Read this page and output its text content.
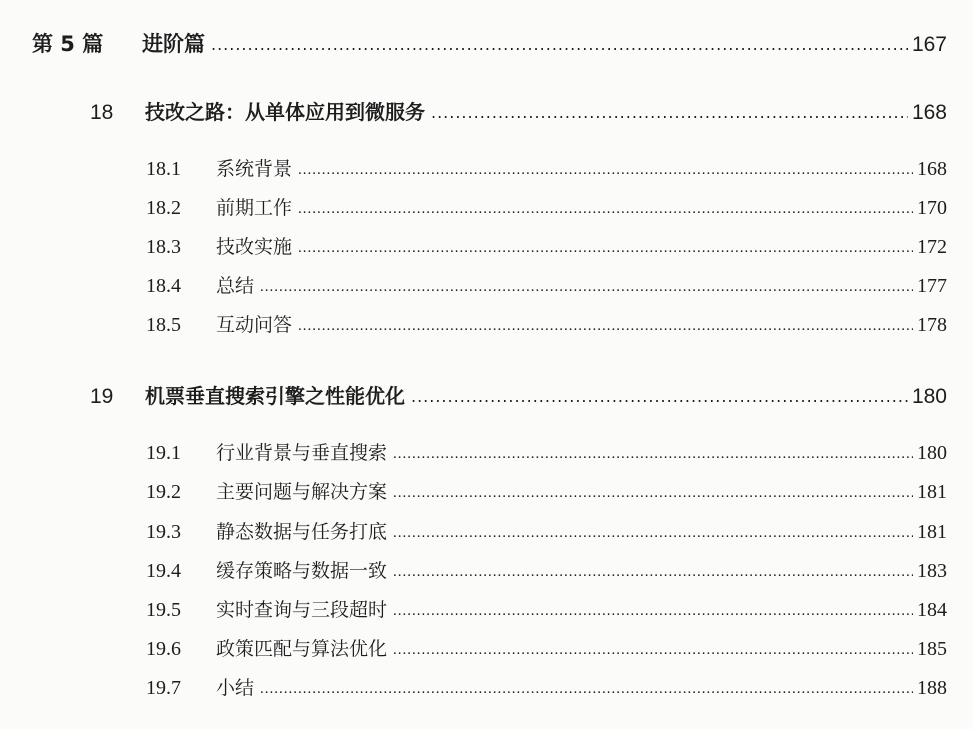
第 5 篇	进阶篇 .....	167
18	技改之路：从单体应用到微服务 .....	168
18.1	系统背景 .....	168
18.2	前期工作 .....	170
18.3	技改实施 .....	172
18.4	总结 .....	177
18.5	互动问答 .....	178
19	机票垂直搜索引擎之性能优化 .....	180
19.1	行业背景与垂直搜索 .....	180
19.2	主要问题与解决方案 .....	181
19.3	静态数据与任务打底 .....	181
19.4	缓存策略与数据一致 .....	183
19.5	实时查询与三段超时 .....	184
19.6	政策匹配与算法优化 .....	185
19.7	小结 .....	188
